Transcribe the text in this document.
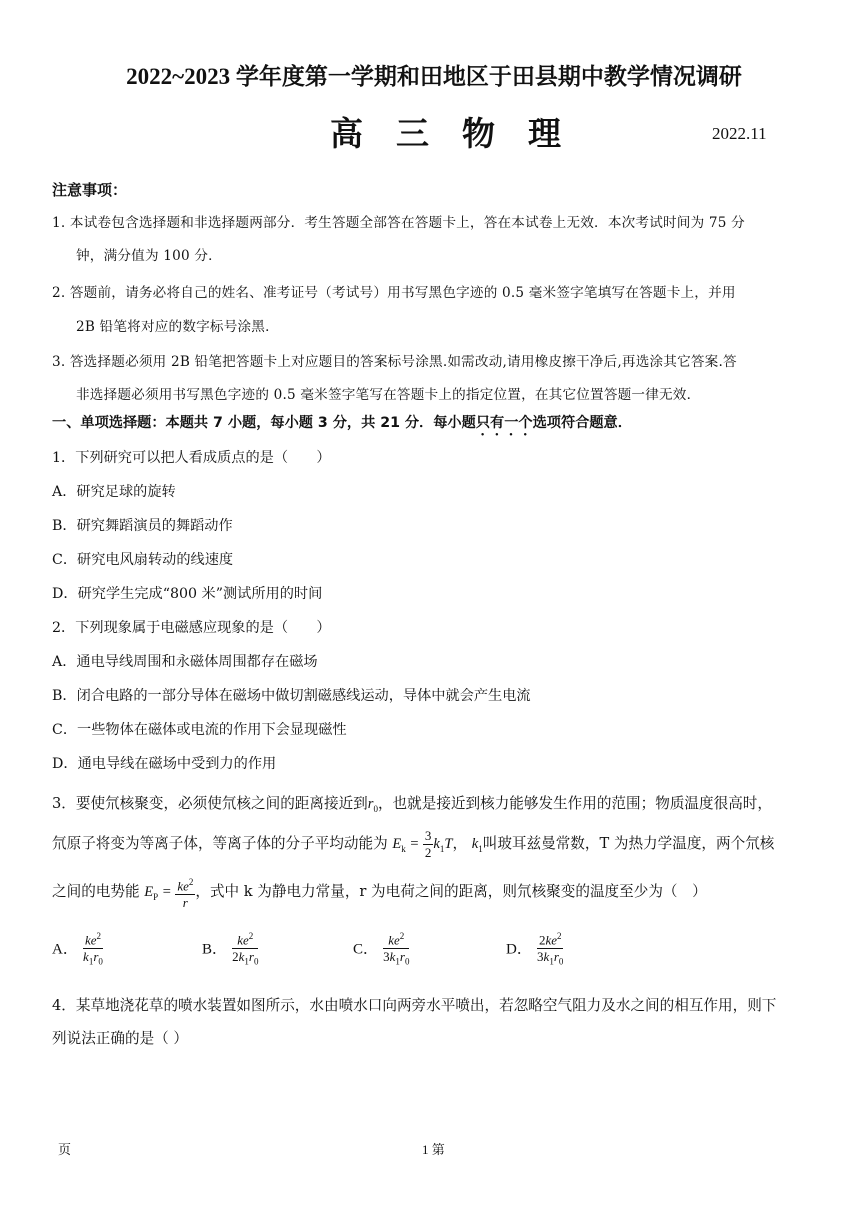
2022~2023 学年度第一学期和田地区于田县期中教学情况调研
高三物理	2022.11
注意事项：
1. 本试卷包含选择题和非选择题两部分．考生答题全部答在答题卡上，答在本试卷上无效．本次考试时间为 75 分
钟，满分值为 100 分．
2. 答题前，请务必将自己的姓名、准考证号（考试号）用书写黑色字迹的 0.5 毫米签字笔填写在答题卡上，并用
2B 铅笔将对应的数字标号涂黑．
3. 答选择题必须用 2B 铅笔把答题卡上对应题目的答案标号涂黑.如需改动,请用橡皮擦干净后,再选涂其它答案.答
非选择题必须用书写黑色字迹的 0.5 毫米签字笔写在答题卡上的指定位置，在其它位置答题一律无效．
一、单项选择题：本题共 7 小题，每小题 3 分，共 21 分．每小题只有一个选项符合题意．
1．下列研究可以把人看成质点的是（　　）
A．研究足球的旋转
B．研究舞蹈演员的舞蹈动作
C．研究电风扇转动的线速度
D．研究学生完成“800 米”测试所用的时间
2．下列现象属于电磁感应现象的是（　　）
A．通电导线周围和永磁体周围都存在磁场
B．闭合电路的一部分导体在磁场中做切割磁感线运动，导体中就会产生电流
C．一些物体在磁体或电流的作用下会显现磁性
D．通电导线在磁场中受到力的作用
3．要使氘核聚变，必须使氘核之间的距离接近到$r_0$，也就是接近到核力能够发生作用的范围；物质温度很高时，
氘原子将变为等离子体，等离子体的分子平均动能为 $E_k = \frac{3}{2} k_1T$， $k_1$叫玻耳兹曼常数，T 为热力学温度，两个氘核
之间的电势能 $E_P = \frac{ke^2}{r}$ ，式中 k 为静电力常量，r 为电荷之间的距离，则氘核聚变的温度至少为（　）
A． $\frac{ke^2}{k_1r_0}$	B． $\frac{ke^2}{2k_1r_0}$	C． $\frac{ke^2}{3k_1r_0}$	D． $\frac{2ke^2}{3k_1r_0}$
4．某草地浇花草的喷水装置如图所示，水由喷水口向两旁水平喷出，若忽略空气阻力及水之间的相互作用，则下
列说法正确的是（ ）
页	1 第
